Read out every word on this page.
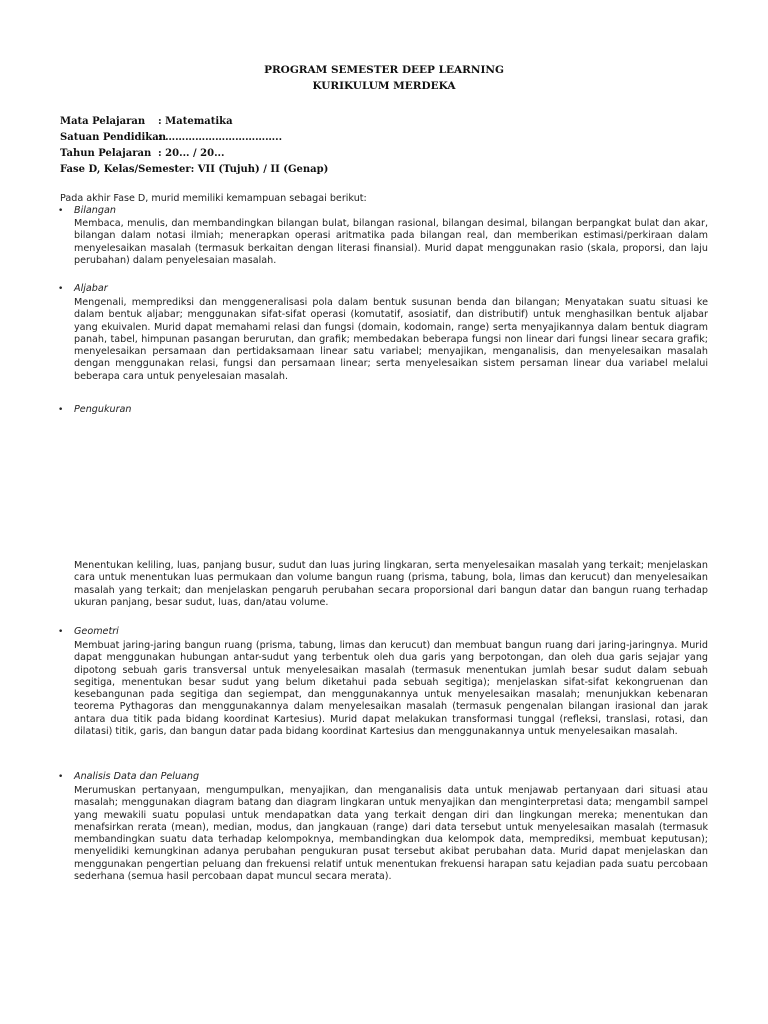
PROGRAM SEMESTER DEEP LEARNING
KURIKULUM MERDEKA
Mata Pelajaran : Matematika
Satuan Pendidikan: ……………………………..
Tahun Pelajaran : 20... / 20...
Fase D, Kelas/Semester: VII (Tujuh) / II (Genap)
Pada akhir Fase D, murid memiliki kemampuan sebagai berikut:
• Bilangan
Membaca, menulis, dan membandingkan bilangan bulat, bilangan rasional, bilangan desimal, bilangan berpangkat bulat dan akar, bilangan dalam notasi ilmiah; menerapkan operasi aritmatika pada bilangan real, dan memberikan estimasi/perkiraan dalam menyelesaikan masalah (termasuk berkaitan dengan literasi finansial). Murid dapat menggunakan rasio (skala, proporsi, dan laju perubahan) dalam penyelesaian masalah.
• Aljabar
Mengenali, memprediksi dan menggeneralisasi pola dalam bentuk susunan benda dan bilangan; Menyatakan suatu situasi ke dalam bentuk aljabar; menggunakan sifat-sifat operasi (komutatif, asosiatif, dan distributif) untuk menghasilkan bentuk aljabar yang ekuivalen. Murid dapat memahami relasi dan fungsi (domain, kodomain, range) serta menyajikannya dalam bentuk diagram panah, tabel, himpunan pasangan berurutan, dan grafik; membedakan beberapa fungsi non linear dari fungsi linear secara grafik; menyelesaikan persamaan dan pertidaksamaan linear satu variabel; menyajikan, menganalisis, dan menyelesaikan masalah dengan menggunakan relasi, fungsi dan persamaan linear; serta menyelesaikan sistem persaman linear dua variabel melalui beberapa cara untuk penyelesaian masalah.
• Pengukuran
Menentukan keliling, luas, panjang busur, sudut dan luas juring lingkaran, serta menyelesaikan masalah yang terkait; menjelaskan cara untuk menentukan luas permukaan dan volume bangun ruang (prisma, tabung, bola, limas dan kerucut) dan menyelesaikan masalah yang terkait; dan menjelaskan pengaruh perubahan secara proporsional dari bangun datar dan bangun ruang terhadap ukuran panjang, besar sudut, luas, dan/atau volume.
• Geometri
Membuat jaring-jaring bangun ruang (prisma, tabung, limas dan kerucut) dan membuat bangun ruang dari jaring-jaringnya. Murid dapat menggunakan hubungan antar-sudut yang terbentuk oleh dua garis yang berpotongan, dan oleh dua garis sejajar yang dipotong sebuah garis transversal untuk menyelesaikan masalah (termasuk menentukan jumlah besar sudut dalam sebuah segitiga, menentukan besar sudut yang belum diketahui pada sebuah segitiga); menjelaskan sifat-sifat kekongruenan dan kesebangunan pada segitiga dan segiempat, dan menggunakannya untuk menyelesaikan masalah; menunjukkan kebenaran teorema Pythagoras dan menggunakannya dalam menyelesaikan masalah (termasuk pengenalan bilangan irasional dan jarak antara dua titik pada bidang koordinat Kartesius). Murid dapat melakukan transformasi tunggal (refleksi, translasi, rotasi, dan dilatasi) titik, garis, dan bangun datar pada bidang koordinat Kartesius dan menggunakannya untuk menyelesaikan masalah.
• Analisis Data dan Peluang
Merumuskan pertanyaan, mengumpulkan, menyajikan, dan menganalisis data untuk menjawab pertanyaan dari situasi atau masalah; menggunakan diagram batang dan diagram lingkaran untuk menyajikan dan menginterpretasi data; mengambil sampel yang mewakili suatu populasi untuk mendapatkan data yang terkait dengan diri dan lingkungan mereka; menentukan dan menafsirkan rerata (mean), median, modus, dan jangkauan (range) dari data tersebut untuk menyelesaikan masalah (termasuk membandingkan suatu data terhadap kelompoknya, membandingkan dua kelompok data, memprediksi, membuat keputusan); menyelidiki kemungkinan adanya perubahan pengukuran pusat tersebut akibat perubahan data. Murid dapat menjelaskan dan menggunakan pengertian peluang dan frekuensi relatif untuk menentukan frekuensi harapan satu kejadian pada suatu percobaan sederhana (semua hasil percobaan dapat muncul secara merata).
